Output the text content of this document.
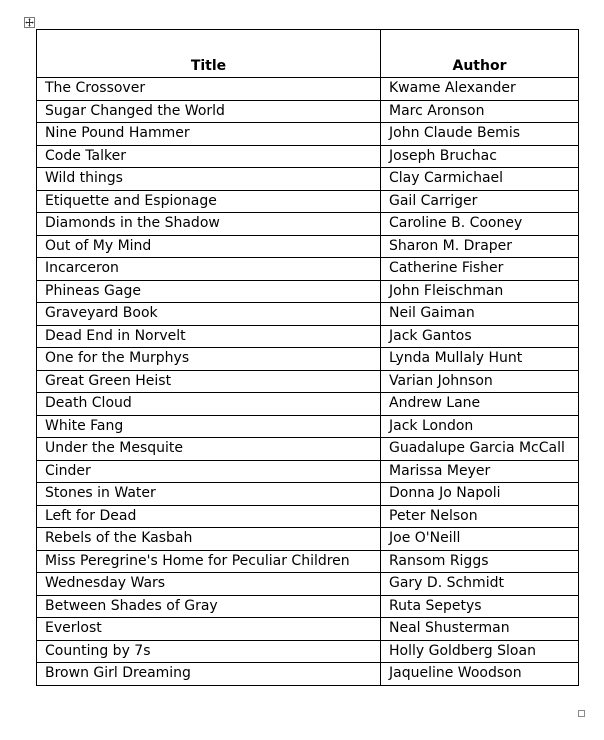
Title	Author
The Crossover	Kwame Alexander
Sugar Changed the World	Marc Aronson
Nine Pound Hammer	John Claude Bemis
Code Talker	Joseph Bruchac
Wild things	Clay Carmichael
Etiquette and Espionage	Gail Carriger
Diamonds in the Shadow	Caroline B. Cooney
Out of My Mind	Sharon M. Draper
Incarceron	Catherine Fisher
Phineas Gage	John Fleischman
Graveyard Book	Neil Gaiman
Dead End in Norvelt	Jack Gantos
One for the Murphys	Lynda Mullaly Hunt
Great Green Heist	Varian Johnson
Death Cloud	Andrew Lane
White Fang	Jack London
Under the Mesquite	Guadalupe Garcia McCall
Cinder	Marissa Meyer
Stones in Water	Donna Jo Napoli
Left for Dead	Peter Nelson
Rebels of the Kasbah	Joe O'Neill
Miss Peregrine's Home for Peculiar Children	Ransom Riggs
Wednesday Wars	Gary D. Schmidt
Between Shades of Gray	Ruta Sepetys
Everlost	Neal Shusterman
Counting by 7s	Holly Goldberg Sloan
Brown Girl Dreaming	Jaqueline Woodson
